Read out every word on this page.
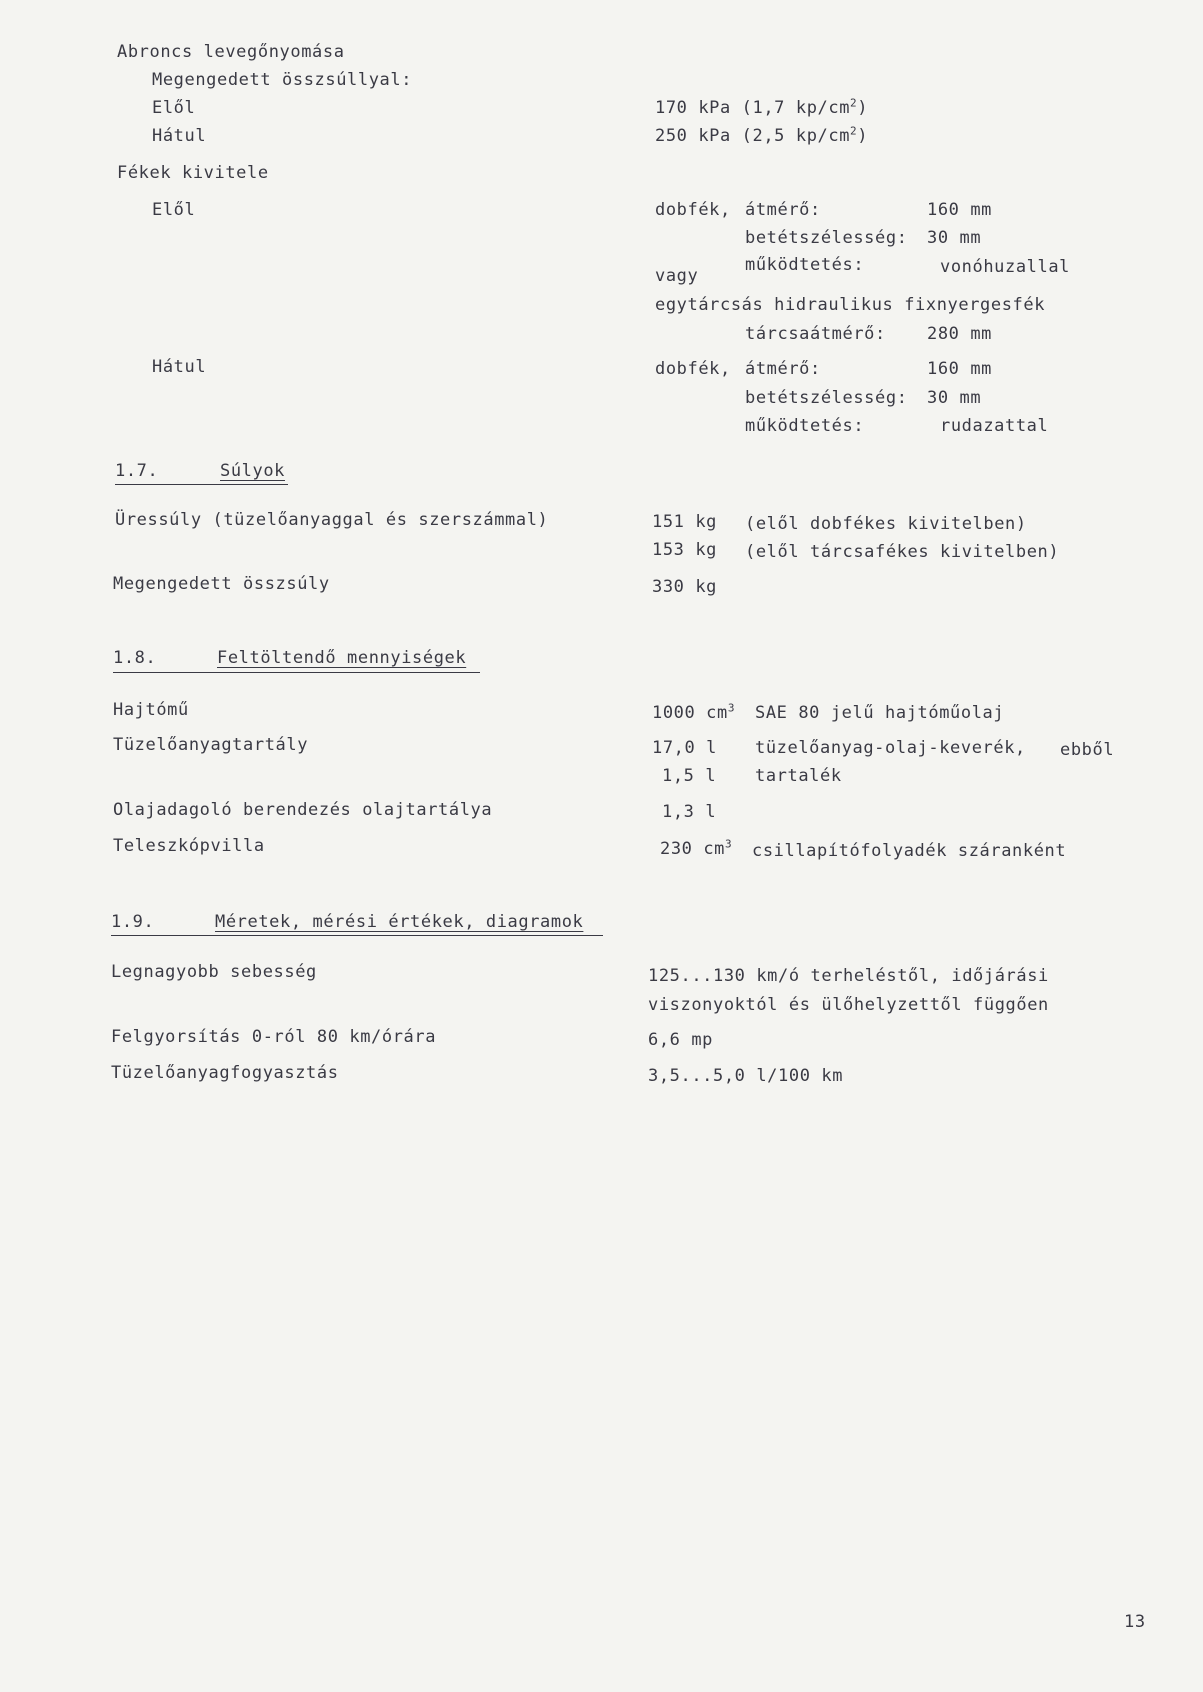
Abroncs levegőnyomása
Megengedett összsúllyal:
Elől	170 kPa (1,7 $kp/cm^2$)
Hátul	250 kPa (2,5 $kp/cm^2$)
Fékek kivitele
Elől	dobfék, átmérő:	160 mm
betétszélesség: 30 mm
működtetés:	vonóhuzallal
vagy
egytárcsás hidraulikus fixnyergesfék
tárcsaátmérő: 280 mm
Hátul	dobfék, átmérő:	160 mm
betétszélesség: 30 mm
működtetés:	rudazattal
1.7.	Súlyok
Üressúly (tüzelőanyaggal és szerszámmal)	151 kg (elől dobfékes kivitelben)
153 kg (elől tárcsafékes kivitelben)
Megengedett összsúly	330 kg
1.8.	Feltöltendő mennyiségek
Hajtómű	1000 $cm^3$ SAE 80 jelű hajtóműolaj
Tüzelőanyagtartály	17,0 l tüzelőanyag-olaj-keverék, ebből
1,5 l tartalék
Olajadagoló berendezés olajtartálya	1,3 l
Teleszkópvilla	230 $cm^3$ csillapítófolyadék száranként
1.9.	Méretek, mérési értékek, diagramok
Legnagyobb sebesség	125...130 km/ó terheléstől, időjárási
viszonyoktól és ülőhelyzettől függően
Felgyorsítás 0-ról 80 km/órára	6,6 mp
Tüzelőanyagfogyasztás	3,5...5,0 l/100 km
13
